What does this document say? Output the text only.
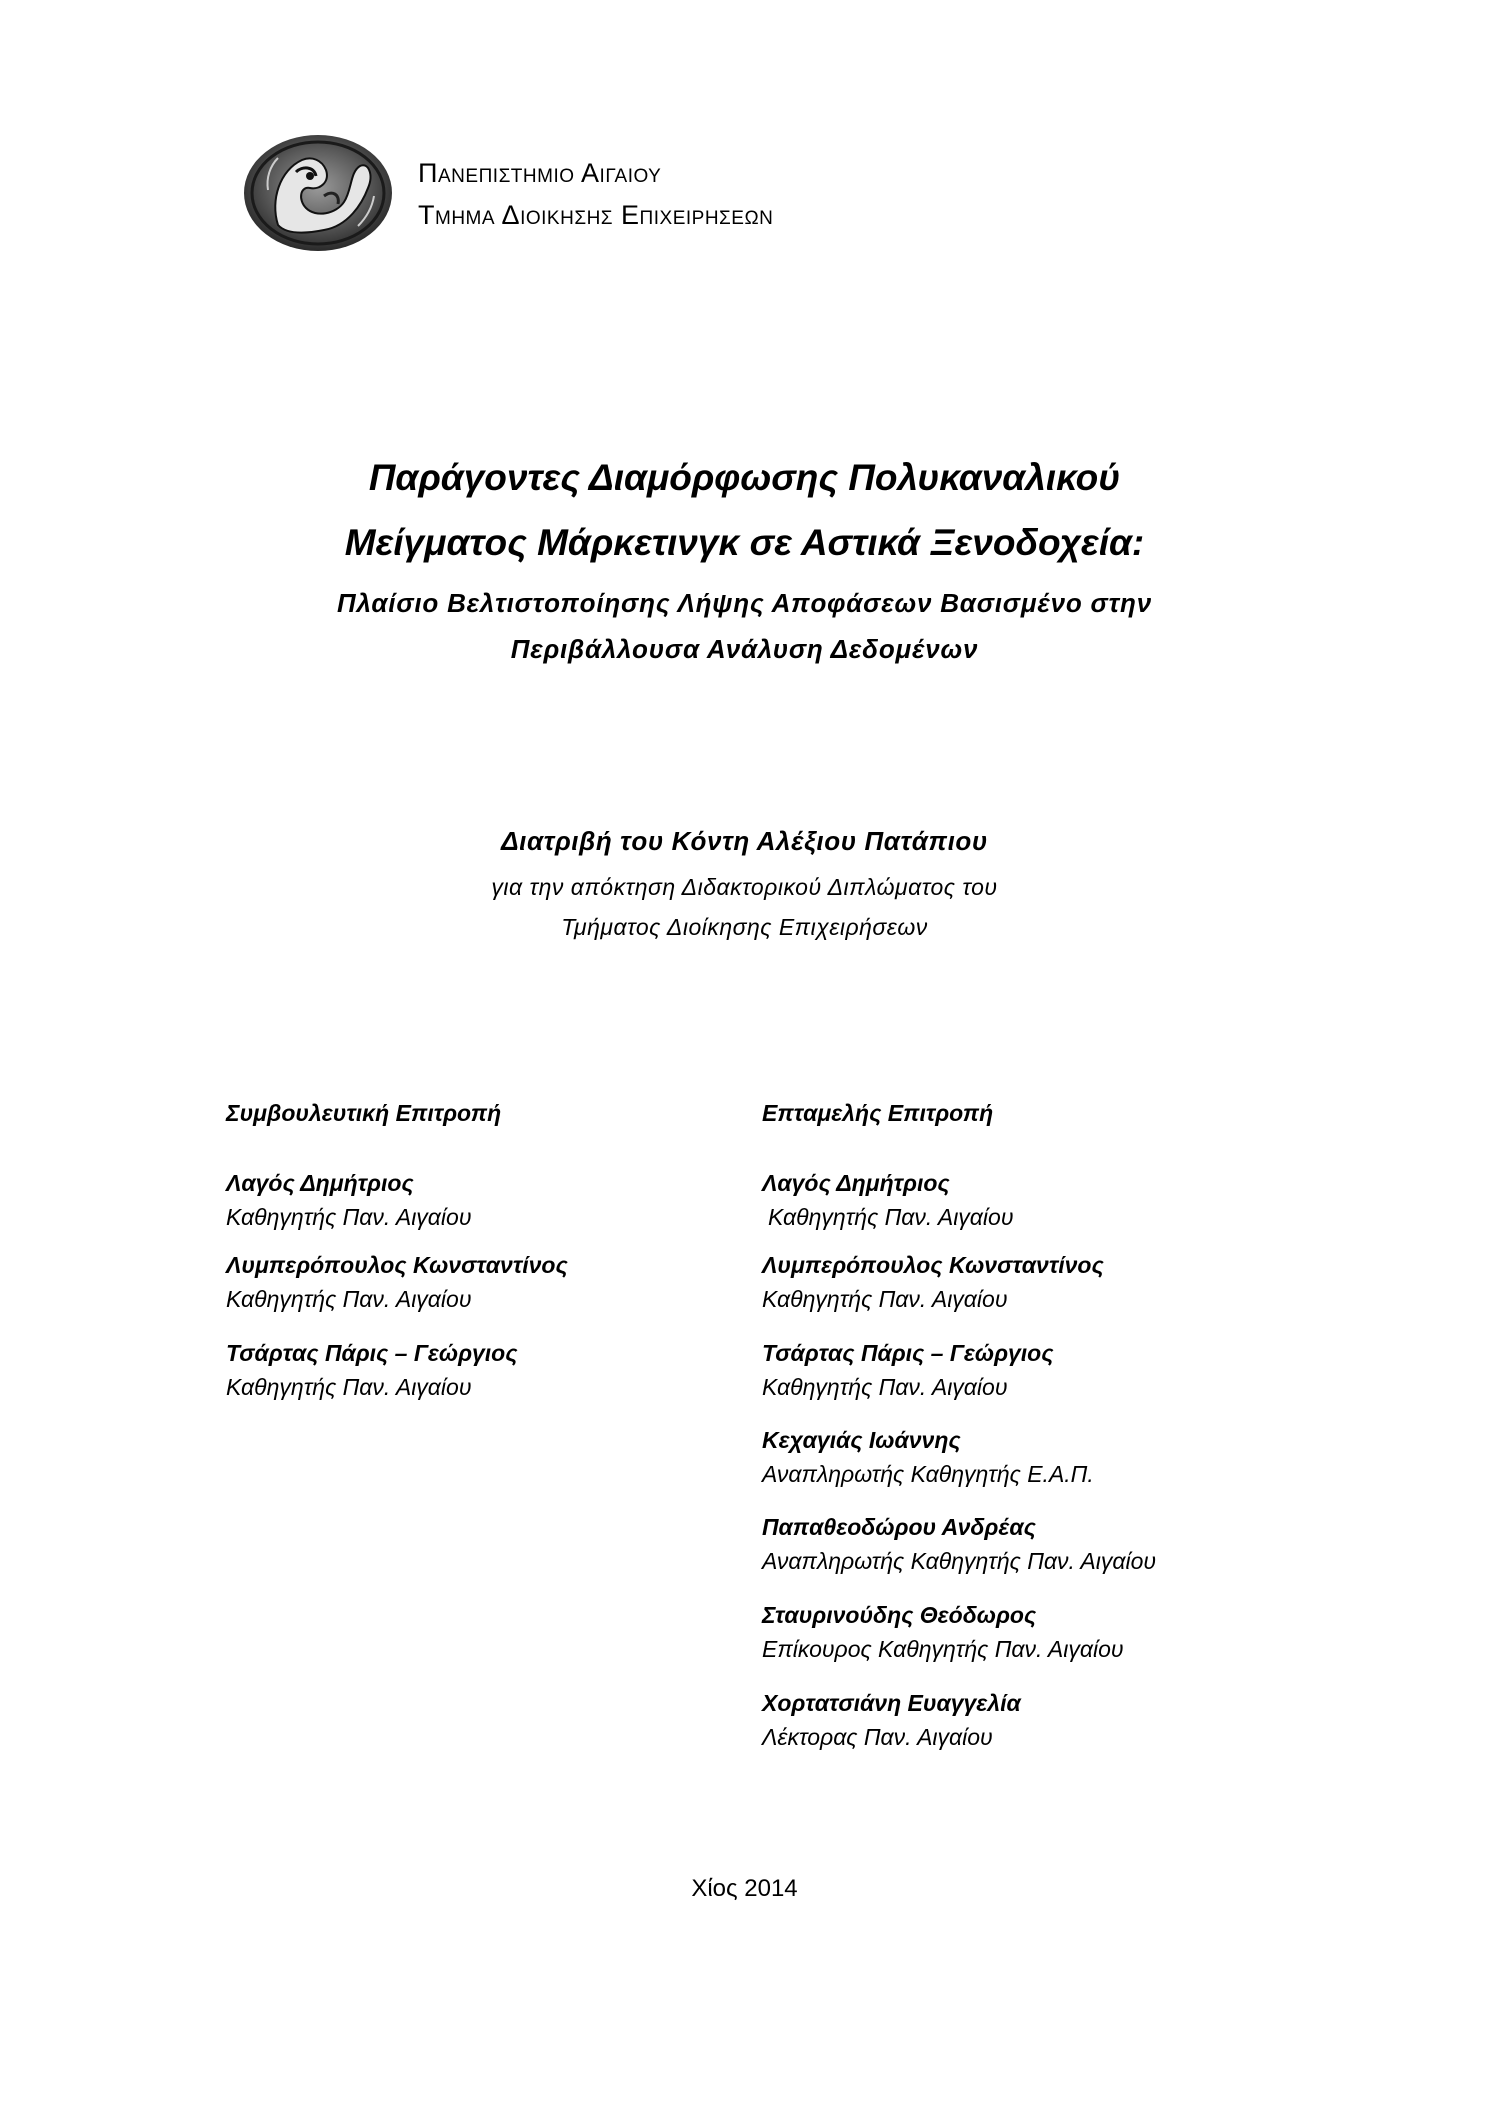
Πανεπιστημιο Αιγαιου
Τμημα Διοικησης Επιχειρησεων
Παράγοντες Διαμόρφωσης Πολυκαναλικού
Μείγματος Μάρκετινγκ σε Αστικά Ξενοδοχεία:
Πλαίσιο Βελτιστοποίησης Λήψης Αποφάσεων Βασισμένο στην
Περιβάλλουσα Ανάλυση Δεδομένων
Διατριβή του Κόντη Αλέξιου Πατάπιου
για την απόκτηση Διδακτορικού Διπλώματος του
Τμήματος Διοίκησης Επιχειρήσεων
Συμβουλευτική Επιτροπή
Λαγός Δημήτριος
Καθηγητής Παν. Αιγαίου
Λυμπερόπουλος Κωνσταντίνος
Καθηγητής Παν. Αιγαίου
Τσάρτας Πάρις – Γεώργιος
Καθηγητής Παν. Αιγαίου
Επταμελής Επιτροπή
Λαγός Δημήτριος
Καθηγητής Παν. Αιγαίου
Λυμπερόπουλος Κωνσταντίνος
Καθηγητής Παν. Αιγαίου
Τσάρτας Πάρις – Γεώργιος
Καθηγητής Παν. Αιγαίου
Κεχαγιάς Ιωάννης
Αναπληρωτής Καθηγητής Ε.Α.Π.
Παπαθεοδώρου Ανδρέας
Αναπληρωτής Καθηγητής Παν. Αιγαίου
Σταυρινούδης Θεόδωρος
Επίκουρος Καθηγητής Παν. Αιγαίου
Χορτατσιάνη Ευαγγελία
Λέκτορας Παν. Αιγαίου
Χίος 2014
